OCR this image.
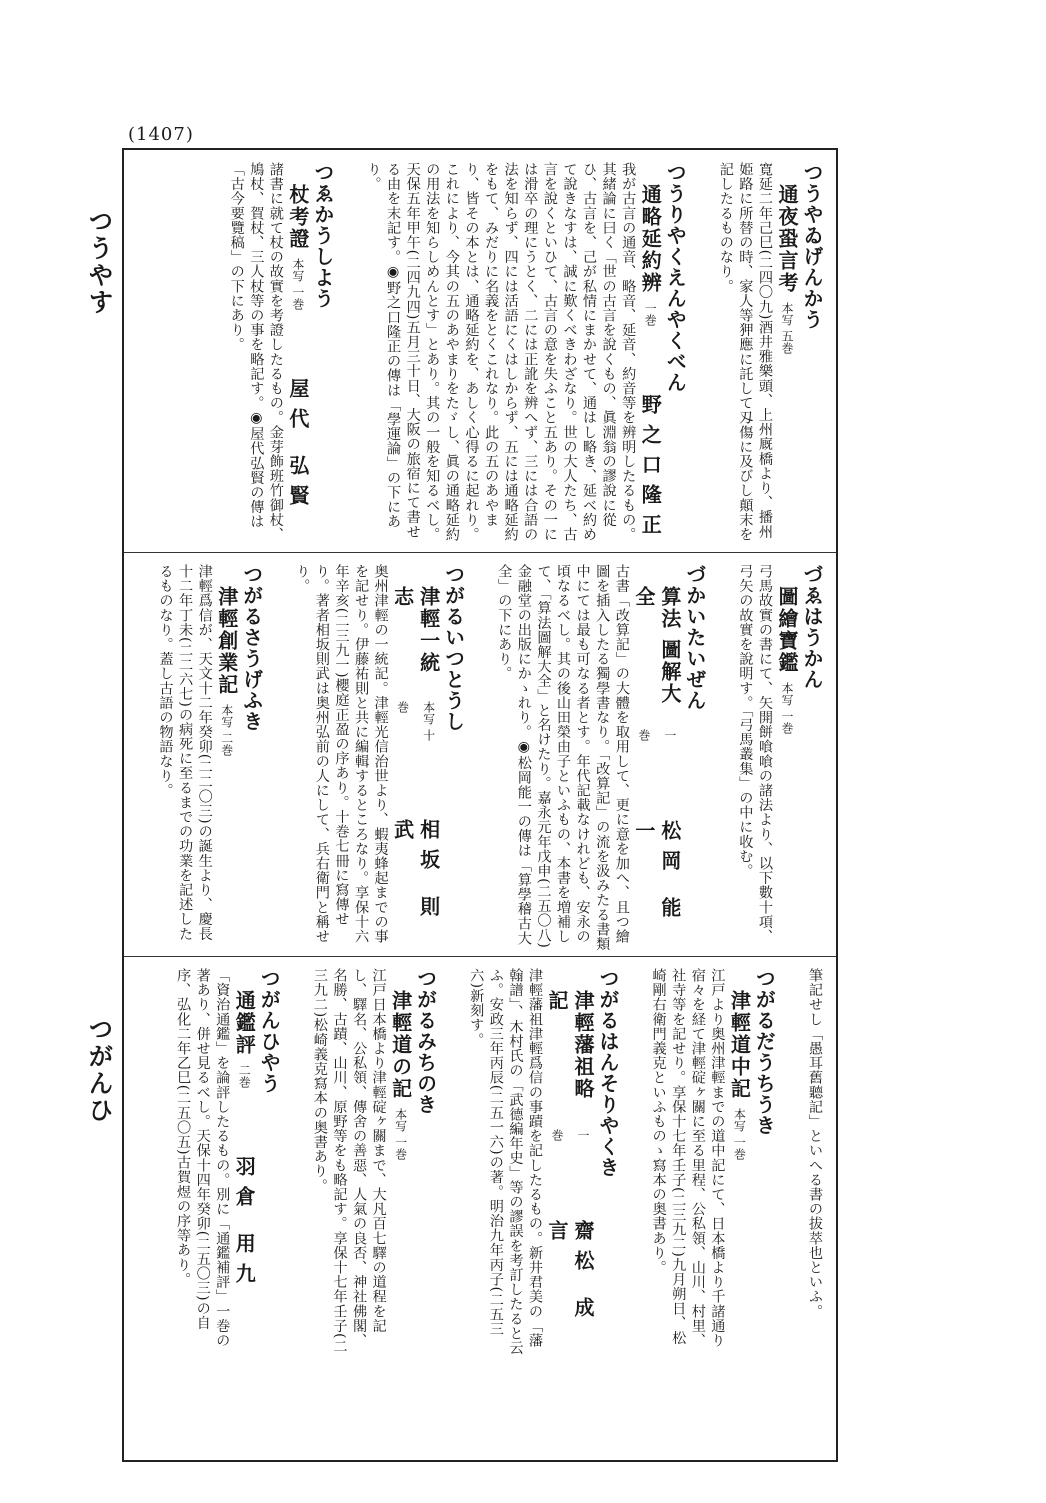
(1407)
つうやす
つがんひ
つうやゐげんかう
通夜蛩言考
本写 五巻
寛延二年己巳(二四〇九)酒井雅樂頭、上州廐橋より、播州姫路に所替の時、家人等狎應に託して刄傷に及びし顛末を記したるものなり。
つうりやくえんやくべん
通略延約辨
一巻
野之口隆正
我が古言の通音、略音、延音、約音等を辨明したるもの。其緒論に曰く「世の古言を說くもの、眞淵翁の謬說に從ひ、古言を、己が私情にまかせて、通はし略き、延べ約めて說きなすは、誠に歎くべきわざなり。世の大人たち、古言を說くといひて、古言の意を失ふこと五あり。その一には滑卒の理にうとく、二には正訛を辨へず、三には合語の法を知らず、四には活語にくはしからず、五には通略延約をもて、みだりに名義をとくこれなり。此の五のあやまり、皆その本とは、通略延約を、あしく心得るに起れり。これにより、今其の五のあやまりをたゞし、眞の通略延約の用法を知らしめんとす」とあり。其の一般を知るべし。天保五年甲午(二四九四)五月三十日、大阪の旅宿にて書せる由を末記す。◉野之口隆正の傳は「學運論」の下にあり。
つゑかうしよう
杖考證
本写 一巻
屋代 弘賢
諸書に就て杖の故實を考證したるもの。金芽飾班竹御杖、鳩杖、賀杖、三人杖等の事を略記す。◉屋代弘賢の傳は「古今要覽稿」の下にあり。
づゑはうかん
圖繪寶鑑
本写 一巻
弓馬故實の書にて、矢開餅喰喰の諸法より、以下數十項、弓矢の故實を說明す。「弓馬叢集」の中に收む。
づかいたいぜん
算法 圖解大全
一巻
松岡 能一
古書「改算記」の大體を取用して、更に意を加へ、且つ繪圖を插入したる獨學書なり。「改算記」の流を汲みたる書類中にては最も可なる者とす。年代記載なけれども、安永の頃なるべし。其の後山田榮由子といふもの、本書を増補して、「算法圖解大全」と名けたり。嘉永元年戊申(二五〇八)金融堂の出版にかゝれり。◉松岡能一の傳は「算學稽古大全」の下にあり。
つがるいつとうし
津輕一統志
本写 十巻
相坂 則武
奥州津輕の一統記。津輕光信治世より、蝦夷蜂起までの事を記せり。伊藤祐則と共に編輯するところなり。享保十六年辛亥(二三九一)櫻庭正盈の序あり。十巻七冊に寫傳せり。著者相坂則武は奥州弘前の人にして、兵右衛門と稱せり。
つがるさうげふき
津輕創業記
本写 二巻
津輕爲信が、天文十二年癸卯(二二〇三)の誕生より、慶長十二年丁未(二二六七)の病死に至るまでの功業を記述したるものなり。蓋し古語の物語なり。
筆記せし「愚耳舊聽記」といへる書の拔萃也といふ。
つがるだうちうき
津輕道中記
本写 一巻
江戸より奥州津輕までの道中記にて、日本橋より千諸通り宿々を経て津輕碇ヶ關に至る里程、公私領、山川、村里、社寺等を記せり。享保十七年壬子(二三九二)九月朔日、松崎剛右衛門義克といふものゝ寫本の奥書あり。
つがるはんそりやくき
津輕藩祖略記
一巻
齋松 成言
津輕藩祖津輕爲信の事蹟を記したるもの。新井君美の「藩翰譜」、木村氏の「武德編年史」等の謬誤を考訂したると云ふ。安政三年丙辰(二五一六)の著。明治九年丙子(二五三六)新刻す。
つがるみちのき
津輕道の記
本写 一巻
江戸日本橋より津輕碇ヶ關まで、大凡百七驛の道程を記し、驛名、公私領、傳舍の善惡、人氣の良否、神社佛閣、名勝、古蹟、山川、原野等をも略記す。享保十七年壬子(二三九二)松崎義克寫本の奥書あり。
つがんひやう
通鑑評
二巻
羽倉 用九
「資治通鑑」を論評したるもの。別に「通鑑補評」一巻の著あり、併せ見るべし。天保十四年癸卯(二五〇三)の自序、弘化二年乙巳(二五〇五)古賀煜の序等あり。
